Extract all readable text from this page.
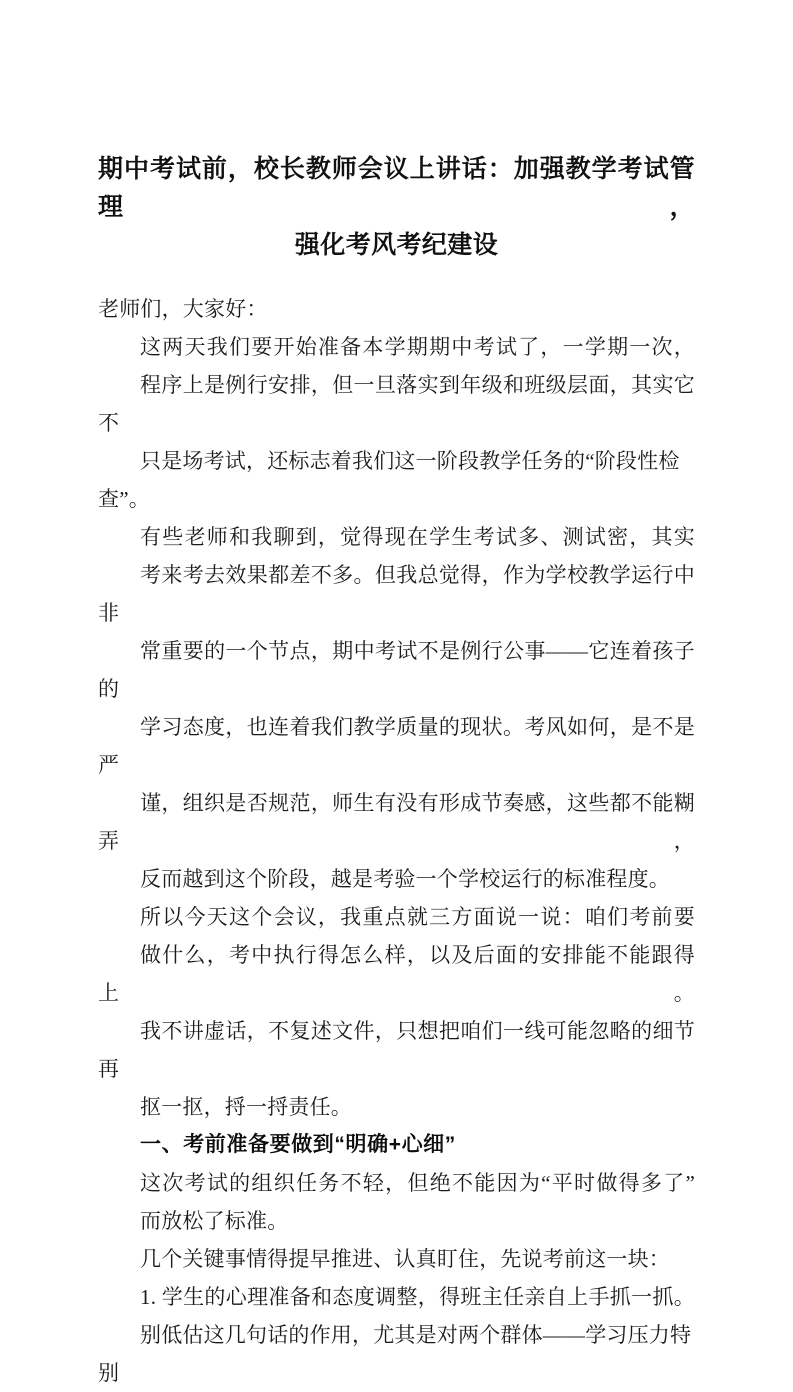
期中考试前，校长教师会议上讲话：加强教学考试管理，
强化考风考纪建设

老师们，大家好：

这两天我们要开始准备本学期期中考试了，一学期一次，
程序上是例行安排，但一旦落实到年级和班级层面，其实它不
只是场考试，还标志着我们这一阶段教学任务的“阶段性检查”。

有些老师和我聊到，觉得现在学生考试多、测试密，其实
考来考去效果都差不多。但我总觉得，作为学校教学运行中非
常重要的一个节点，期中考试不是例行公事——它连着孩子的
学习态度，也连着我们教学质量的现状。考风如何，是不是严
谨，组织是否规范，师生有没有形成节奏感，这些都不能糊弄，
反而越到这个阶段，越是考验一个学校运行的标准程度。

所以今天这个会议，我重点就三方面说一说：咱们考前要
做什么，考中执行得怎么样，以及后面的安排能不能跟得上。
我不讲虚话，不复述文件，只想把咱们一线可能忽略的细节再
抠一抠，捋一捋责任。

一、考前准备要做到“明确+心细”

这次考试的组织任务不轻，但绝不能因为“平时做得多了”
而放松了标准。

几个关键事情得提早推进、认真盯住，先说考前这一块：

1. 学生的心理准备和态度调整，得班主任亲自上手抓一抓。
别低估这几句话的作用，尤其是对两个群体——学习压力特别
